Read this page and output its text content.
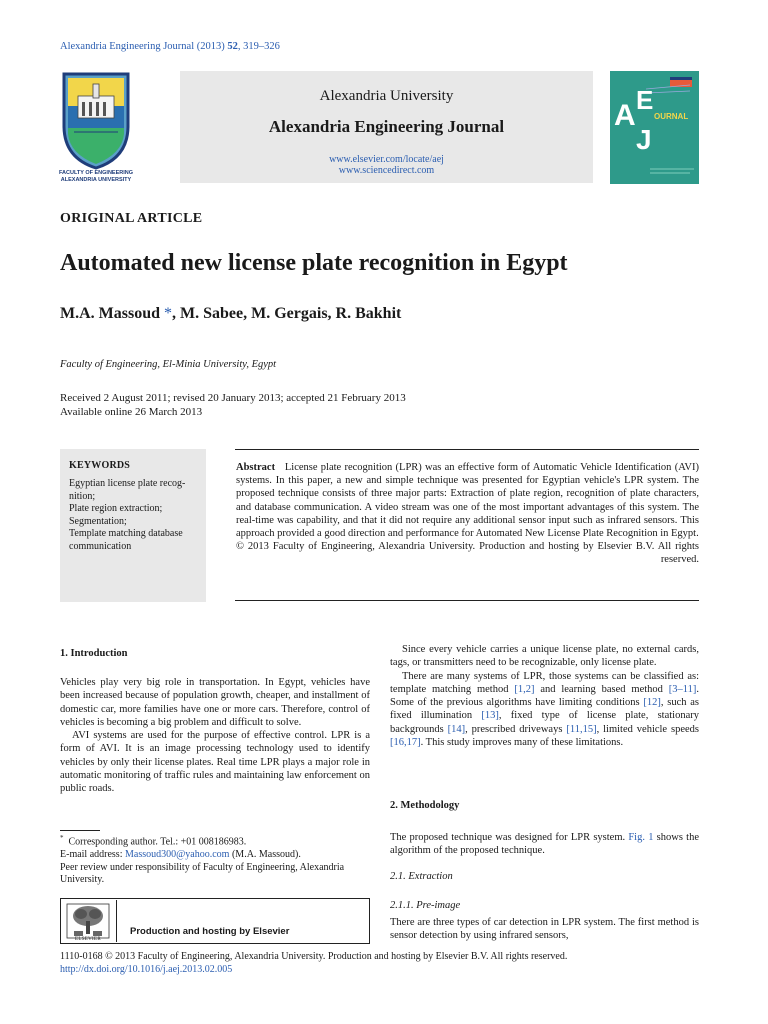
Alexandria Engineering Journal (2013) 52, 319–326
FACULTY OF ENGINEERING
ALEXANDRIA UNIVERSITY
Alexandria University
Alexandria Engineering Journal
www.elsevier.com/locate/aej
www.sciencedirect.com
A E
J
OURNAL
ORIGINAL ARTICLE
Automated new license plate recognition in Egypt
M.A. Massoud *, M. Sabee, M. Gergais, R. Bakhit
Faculty of Engineering, El-Minia University, Egypt
Received 2 August 2011; revised 20 January 2013; accepted 21 February 2013
Available online 26 March 2013
KEYWORDS
Egyptian license plate recog-nition;
Plate region extraction;
Segmentation;
Template matching database communication
Abstract License plate recognition (LPR) was an effective form of Automatic Vehicle Identification (AVI) systems. In this paper, a new and simple technique was presented for Egyptian vehicle's LPR system. The proposed technique consists of three major parts: Extraction of plate region, recognition of plate characters, and database communication. A video stream was one of the most important advantages of this system. The real-time was capability, and that it did not require any additional sensor input such as infrared sensors. This approach provided a good direction and performance for Automated New License Plate Recognition in Egypt.
© 2013 Faculty of Engineering, Alexandria University. Production and hosting by Elsevier B.V. All rights reserved.
1. Introduction

Vehicles play very big role in transportation. In Egypt, vehicles have been increased because of population growth, cheaper, and installment of domestic car, more families have one or more cars. Therefore, control of vehicles is becoming a big problem and difficult to solve.

AVI systems are used for the purpose of effective control. LPR is a form of AVI. It is an image processing technology used to identify vehicles by only their license plates. Real time LPR plays a major role in automatic monitoring of traffic rules and maintaining law enforcement on public roads.

* Corresponding author. Tel.: +01 008186983.
E-mail address: Massoud300@yahoo.com (M.A. Massoud).
Peer review under responsibility of Faculty of Engineering, Alexandria University.
ELSEVIER
Production and hosting by Elsevier

Since every vehicle carries a unique license plate, no external cards, tags, or transmitters need to be recognizable, only license plate.

There are many systems of LPR, those systems can be classified as: template matching method [1,2] and learning based method [3–11]. Some of the previous algorithms have limiting conditions [12], such as fixed illumination [13], fixed type of license plate, stationary backgrounds [14], prescribed driveways [11,15], limited vehicle speeds [16,17]. This study improves many of these limitations.

2. Methodology

The proposed technique was designed for LPR system. Fig. 1 shows the algorithm of the proposed technique.

2.1. Extraction
2.1.1. Pre-image

There are three types of car detection in LPR system. The first method is sensor detection by using infrared sensors,

1110-0168 © 2013 Faculty of Engineering, Alexandria University. Production and hosting by Elsevier B.V. All rights reserved.
http://dx.doi.org/10.1016/j.aej.2013.02.005
